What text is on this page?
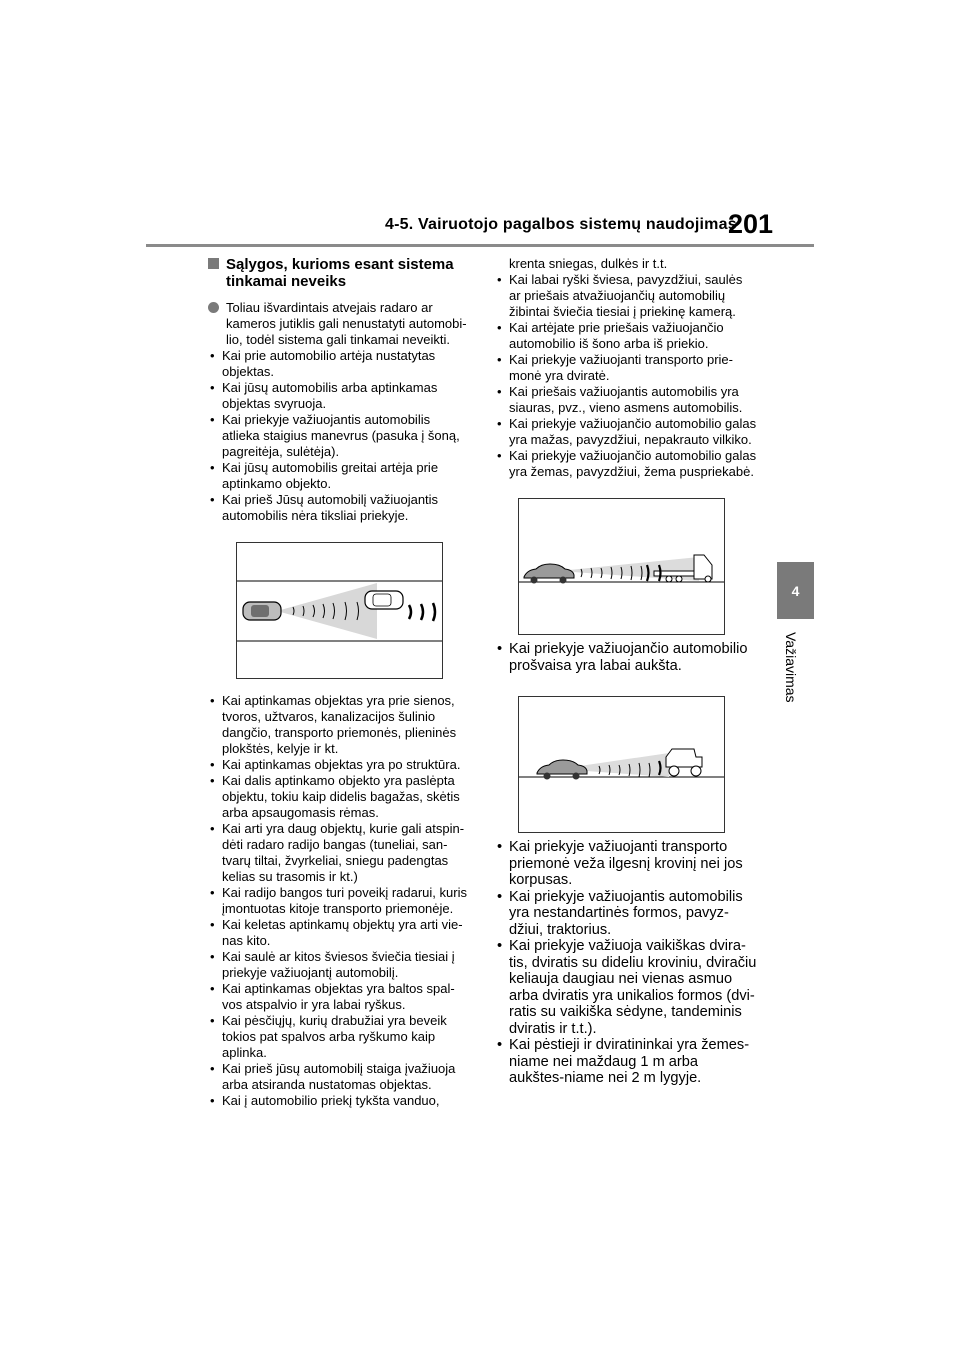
4-5. Vairuotojo pagalbos sistemų naudojimas
201
4
Važiavimas
Sąlygos, kurioms esant sistema tinkamai neveiks
Toliau išvardintais atvejais radaro ar kameros jutiklis gali nenustatyti automobi-lio, todėl sistema gali tinkamai neveikti.
• Kai prie automobilio artėja nustatytas objektas.
• Kai jūsų automobilis arba aptinkamas objektas svyruoja.
• Kai priekyje važiuojantis automobilis atlieka staigius manevrus (pasuka į šoną, pagreitėja, sulėtėja).
• Kai jūsų automobilis greitai artėja prie aptinkamo objekto.
• Kai prieš Jūsų automobilį važiuojantis automobilis nėra tiksliai priekyje.
• Kai aptinkamas objektas yra prie sienos, tvoros, užtvaros, kanalizacijos šulinio dangčio, transporto priemonės, plieninės plokštės, kelyje ir kt.
• Kai aptinkamas objektas yra po struktūra.
• Kai dalis aptinkamo objekto yra paslėpta objektu, tokiu kaip didelis bagažas, skėtis arba apsaugomasis rėmas.
• Kai arti yra daug objektų, kurie gali atspin-dėti radaro radijo bangas (tuneliai, san-tvarų tiltai, žvyrkeliai, sniegu padengtas kelias su trasomis ir kt.)
• Kai radijo bangos turi poveikį radarui, kuris įmontuotas kitoje transporto priemonėje.
• Kai keletas aptinkamų objektų yra arti vie-nas kito.
• Kai saulė ar kitos šviesos šviečia tiesiai į priekyje važiuojantį automobilį.
• Kai aptinkamas objektas yra baltos spal-vos atspalvio ir yra labai ryškus.
• Kai pėsčiųjų, kurių drabužiai yra beveik tokios pat spalvos arba ryškumo kaip aplinka.
• Kai prieš jūsų automobilį staiga įvažiuoja arba atsiranda nustatomas objektas.
• Kai į automobilio priekį tykšta vanduo,
krenta sniegas, dulkės ir t.t.
• Kai labai ryški šviesa, pavyzdžiui, saulės ar priešais atvažiuojančių automobilių žibintai šviečia tiesiai į priekinę kamerą.
• Kai artėjate prie priešais važiuojančio automobilio iš šono arba iš priekio.
• Kai priekyje važiuojanti transporto prie-monė yra dviratė.
• Kai priešais važiuojantis automobilis yra siauras, pvz., vieno asmens automobilis.
• Kai priekyje važiuojančio automobilio galas yra mažas, pavyzdžiui, nepakrauto vilkiko.
• Kai priekyje važiuojančio automobilio galas yra žemas, pavyzdžiui, žema puspriekabė.
• Kai priekyje važiuojančio automobilio prošvaisa yra labai aukšta.
• Kai priekyje važiuojanti transporto priemonė veža ilgesnį krovinį nei jos korpusas.
• Kai priekyje važiuojantis automobilis yra nestandartinės formos, pavyz-džiui, traktorius.
• Kai priekyje važiuoja vaikiškas dvira-tis, dviratis su dideliu kroviniu, dviračiu keliauja daugiau nei vienas asmuo arba dviratis yra unikalios formos (dvi-ratis su vaikiška sėdyne, tandeminis dviratis ir t.t.).
• Kai pėstieji ir dviratininkai yra žemes-niame nei maždaug 1 m arba aukštes-niame nei 2 m lygyje.
